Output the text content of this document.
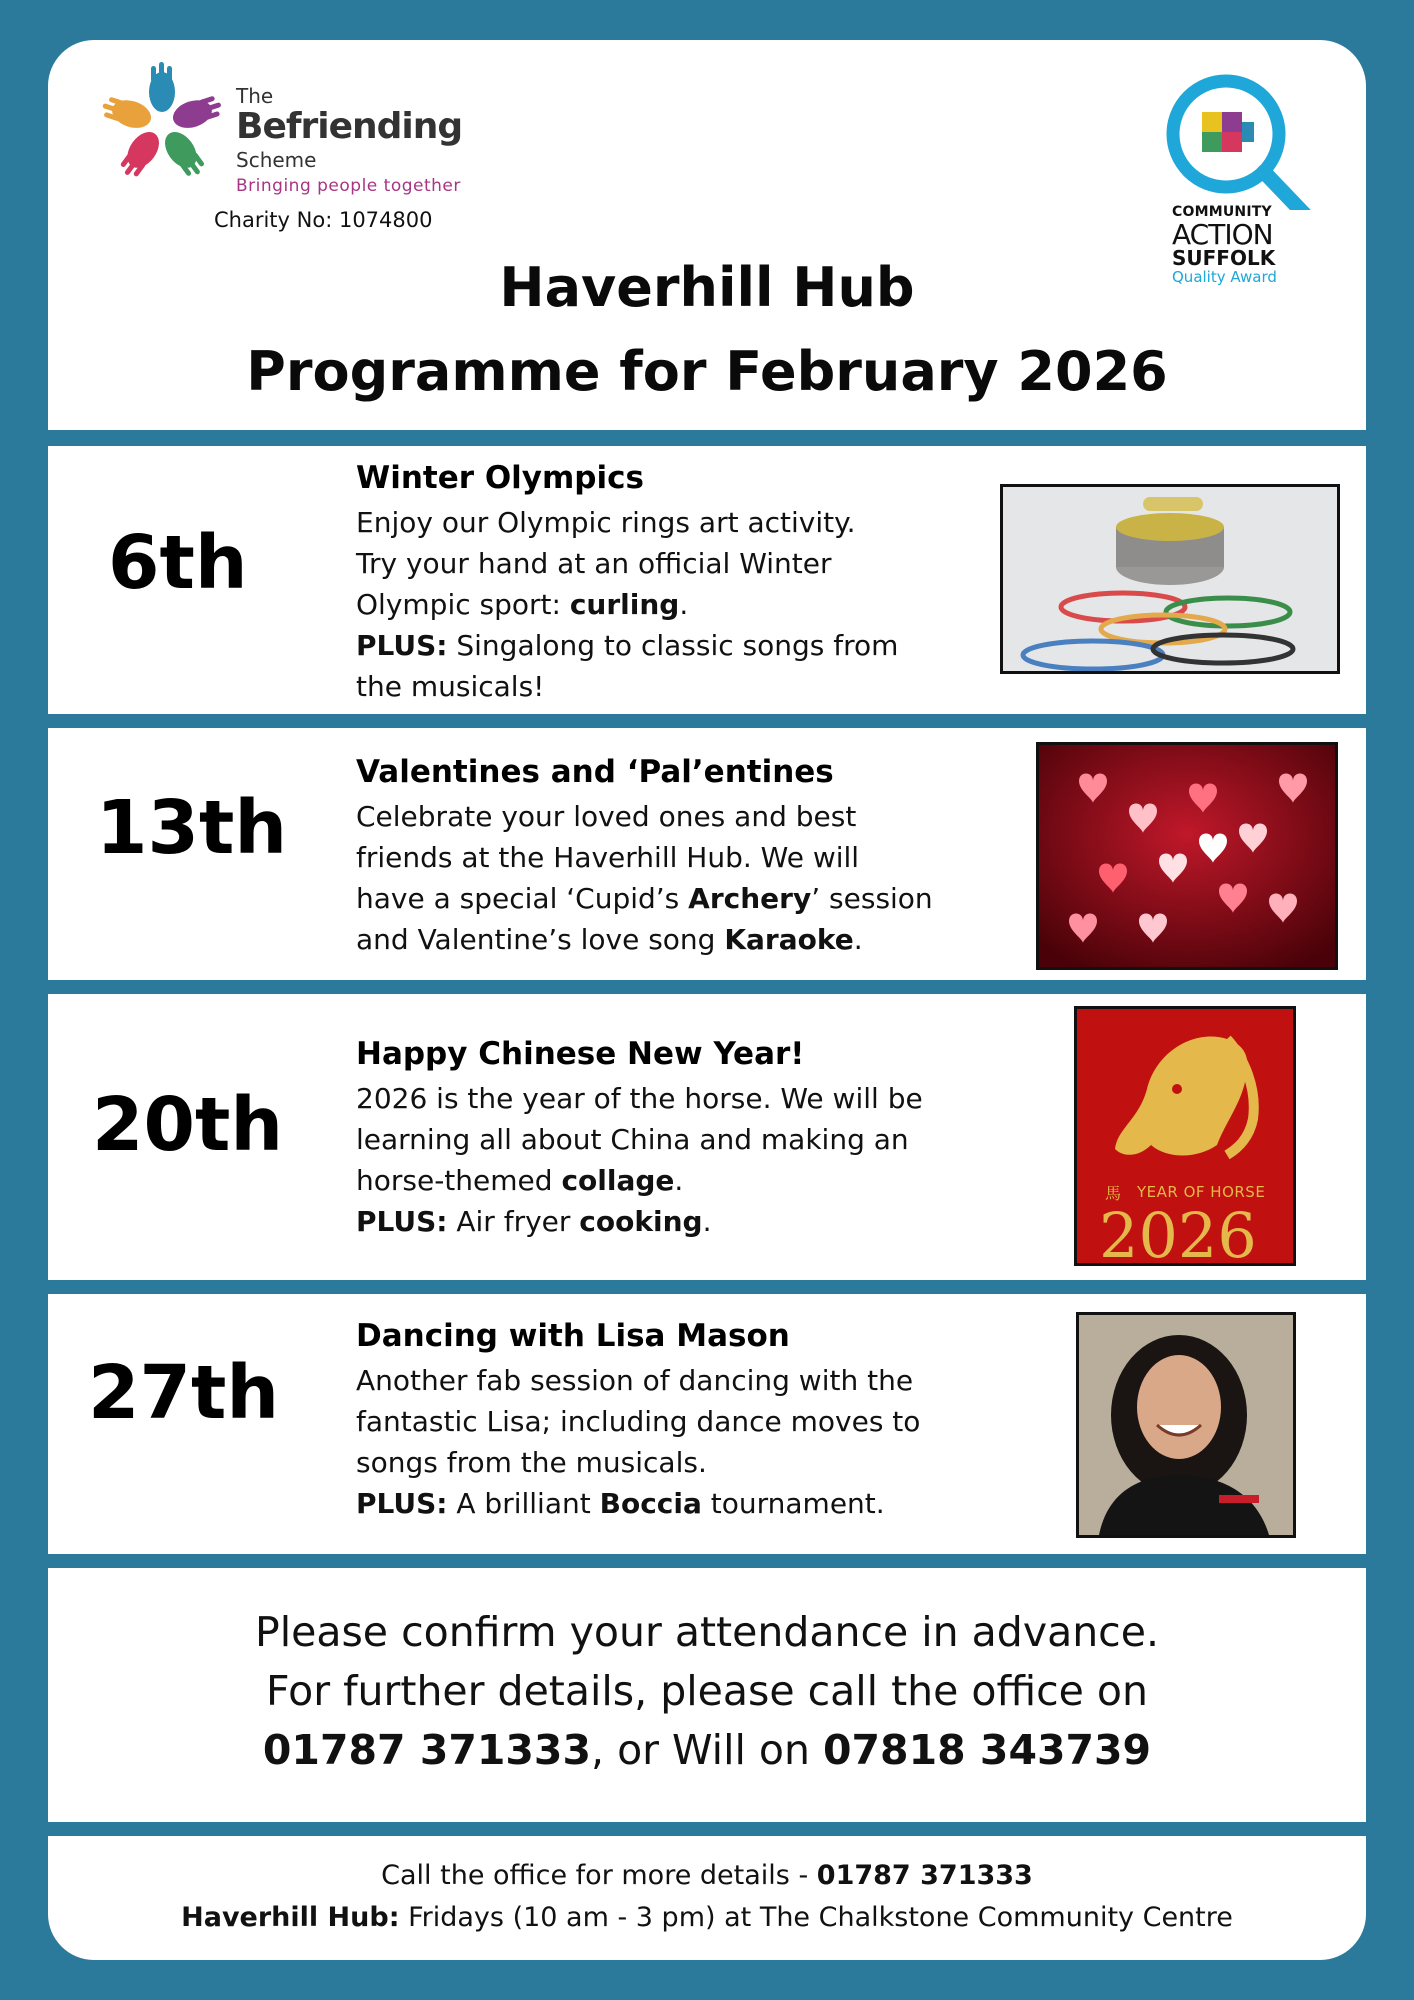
The
Befriending
Scheme
Bringing people together
Charity No: 1074800	COMMUNITY
ACTION
SUFFOLK
Quality Award
Haverhill Hub
Programme for February 2026
6th
Winter Olympics
Enjoy our Olympic rings art activity.
Try your hand at an official Winter
Olympic sport: curling.
PLUS: Singalong to classic songs from
the musicals!
13th
Valentines and ‘Pal’entines
Celebrate your loved ones and best
friends at the Haverhill Hub. We will
have a special ‘Cupid’s Archery’ session
and Valentine’s love song Karaoke.
20th
Happy Chinese New Year!
2026 is the year of the horse. We will be
learning all about China and making an
horse-themed collage.
PLUS: Air fryer cooking.
馬 YEAR OF HORSE
2026
27th
Dancing with Lisa Mason
Another fab session of dancing with the
fantastic Lisa; including dance moves to
songs from the musicals.
PLUS: A brilliant Boccia tournament.
Please confirm your attendance in advance.
For further details, please call the office on
01787 371333, or Will on 07818 343739
Call the office for more details - 01787 371333
Haverhill Hub: Fridays (10 am - 3 pm) at The Chalkstone Community Centre
